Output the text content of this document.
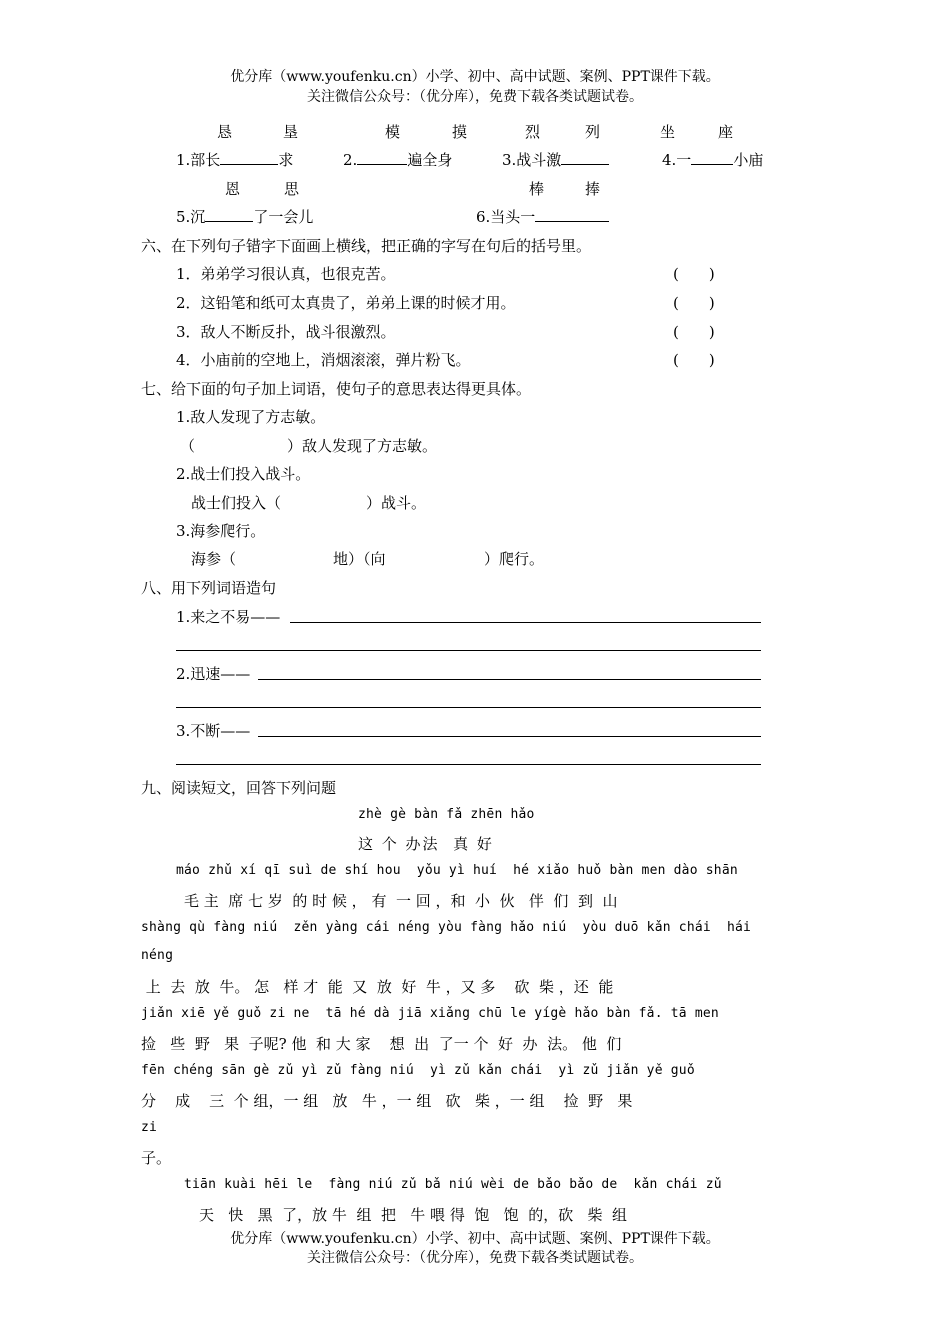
优分库（www.youfenku.cn）小学、初中、高中试题、案例、PPT课件下载。
关注微信公众号：（优分库），免费下载各类试题试卷。
恳	垦	模	摸	烈	列	坐	座
1.部长	求	2.	遍全身	3.战斗激	4.一	小庙
恩	思	棒	捧
5.沉	了一会儿	6.当头一
六、在下列句子错字下面画上横线，把正确的字写在句后的括号里。
1．弟弟学习很认真，也很克苦。	(　　)
2．这铅笔和纸可太真贵了，弟弟上课的时候才用。	(　　)
3．敌人不断反扑，战斗很激烈。	(　　)
4．小庙前的空地上，消烟滚滚，弹片粉飞。	(　　)
七、给下面的句子加上词语，使句子的意思表达得更具体。
1.敌人发现了方志敏。
（	）敌人发现了方志敏。
2.战士们投入战斗。
战士们投入（	）战斗。
3.海参爬行。
海参（	地）（向	）爬行。
八、用下列词语造句
1.来之不易——
2.迅速——
3.不断——
九、阅读短文，回答下列问题
zhè gè bàn fǎ zhēn hǎo
这 个 办法  真 好
máo zhǔ xí qī suì de shí hou  yǒu yì huí  hé xiǎo huǒ bàn men dào shān
毛 主  席 七 岁  的 时 候 ， 有  一 回 ，和  小  伙   伴  们  到  山
shàng qù fàng niú  zěn yàng cái néng yòu fàng hǎo niú  yòu duō kǎn chái  hái
néng
上  去  放  牛。 怎   样 才  能  又  放  好  牛 ，又 多    砍  柴 ，还  能
jiǎn xiē yě guǒ zi ne  tā hé dà jiā xiǎng chū le yígè hǎo bàn fǎ. tā men
捡   些  野   果  子呢? 他  和 大 家    想  出  了一 个  好  办  法。 他  们
fēn chéng sān gè zǔ yì zǔ fàng niú  yì zǔ kǎn chái  yì zǔ jiǎn yě guǒ
分    成    三  个 组，一 组   放   牛 ，一 组   砍   柴 ，一 组    捡  野   果
zi
子。
tiān kuài hēi le  fàng niú zǔ bǎ niú wèi de bǎo bǎo de  kǎn chái zǔ
天   快   黑  了，放 牛  组  把   牛 喂 得  饱   饱  的，砍   柴  组
优分库（www.youfenku.cn）小学、初中、高中试题、案例、PPT课件下载。
关注微信公众号：（优分库），免费下载各类试题试卷。
